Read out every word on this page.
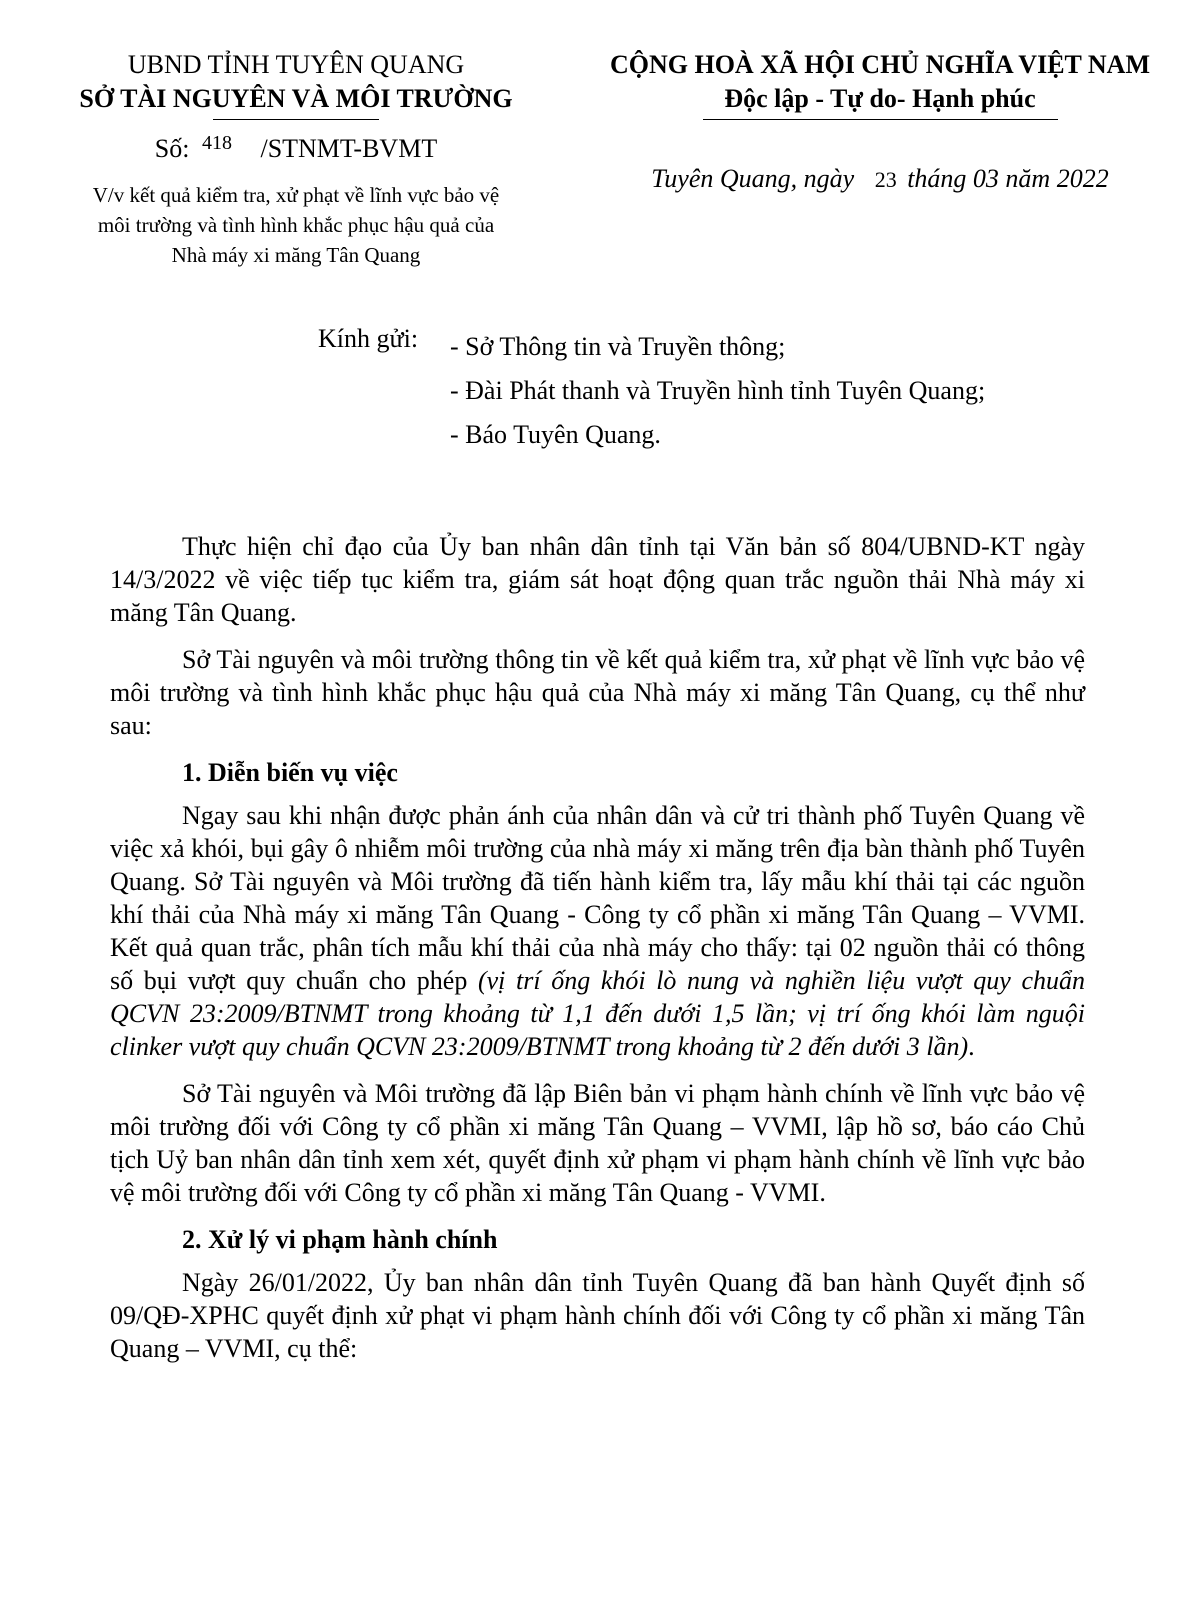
UBND TỈNH TUYÊN QUANG
SỞ TÀI NGUYÊN VÀ MÔI TRƯỜNG
Số: $^{418}$ /STNMT-BVMT
V/v kết quả kiểm tra, xử phạt về lĩnh vực bảo vệ
môi trường và tình hình khắc phục hậu quả của
Nhà máy xi măng Tân Quang
CỘNG HOÀ XÃ HỘI CHỦ NGHĨA VIỆT NAM
Độc lập - Tự do- Hạnh phúc
Tuyên Quang, ngày 23 tháng 03 năm 2022
Kính gửi: - Sở Thông tin và Truyền thông;
- Đài Phát thanh và Truyền hình tỉnh Tuyên Quang;
- Báo Tuyên Quang.

Thực hiện chỉ đạo của Ủy ban nhân dân tỉnh tại Văn bản số 804/UBND-KT ngày 14/3/2022 về việc tiếp tục kiểm tra, giám sát hoạt động quan trắc nguồn thải Nhà máy xi măng Tân Quang.

Sở Tài nguyên và môi trường thông tin về kết quả kiểm tra, xử phạt về lĩnh vực bảo vệ môi trường và tình hình khắc phục hậu quả của Nhà máy xi măng Tân Quang, cụ thể như sau:

1. Diễn biến vụ việc

Ngay sau khi nhận được phản ánh của nhân dân và cử tri thành phố Tuyên Quang về việc xả khói, bụi gây ô nhiễm môi trường của nhà máy xi măng trên địa bàn thành phố Tuyên Quang. Sở Tài nguyên và Môi trường đã tiến hành kiểm tra, lấy mẫu khí thải tại các nguồn khí thải của Nhà máy xi măng Tân Quang - Công ty cổ phần xi măng Tân Quang – VVMI. Kết quả quan trắc, phân tích mẫu khí thải của nhà máy cho thấy: tại 02 nguồn thải có thông số bụi vượt quy chuẩn cho phép (vị trí ống khói lò nung và nghiền liệu vượt quy chuẩn QCVN 23:2009/BTNMT trong khoảng từ 1,1 đến dưới 1,5 lần; vị trí ống khói làm nguội clinker vượt quy chuẩn QCVN 23:2009/BTNMT trong khoảng từ 2 đến dưới 3 lần).

Sở Tài nguyên và Môi trường đã lập Biên bản vi phạm hành chính về lĩnh vực bảo vệ môi trường đối với Công ty cổ phần xi măng Tân Quang – VVMI, lập hồ sơ, báo cáo Chủ tịch Uỷ ban nhân dân tỉnh xem xét, quyết định xử phạm vi phạm hành chính về lĩnh vực bảo vệ môi trường đối với Công ty cổ phần xi măng Tân Quang - VVMI.

2. Xử lý vi phạm hành chính

Ngày 26/01/2022, Ủy ban nhân dân tỉnh Tuyên Quang đã ban hành Quyết định số 09/QĐ-XPHC quyết định xử phạt vi phạm hành chính đối với Công ty cổ phần xi măng Tân Quang – VVMI, cụ thể:
